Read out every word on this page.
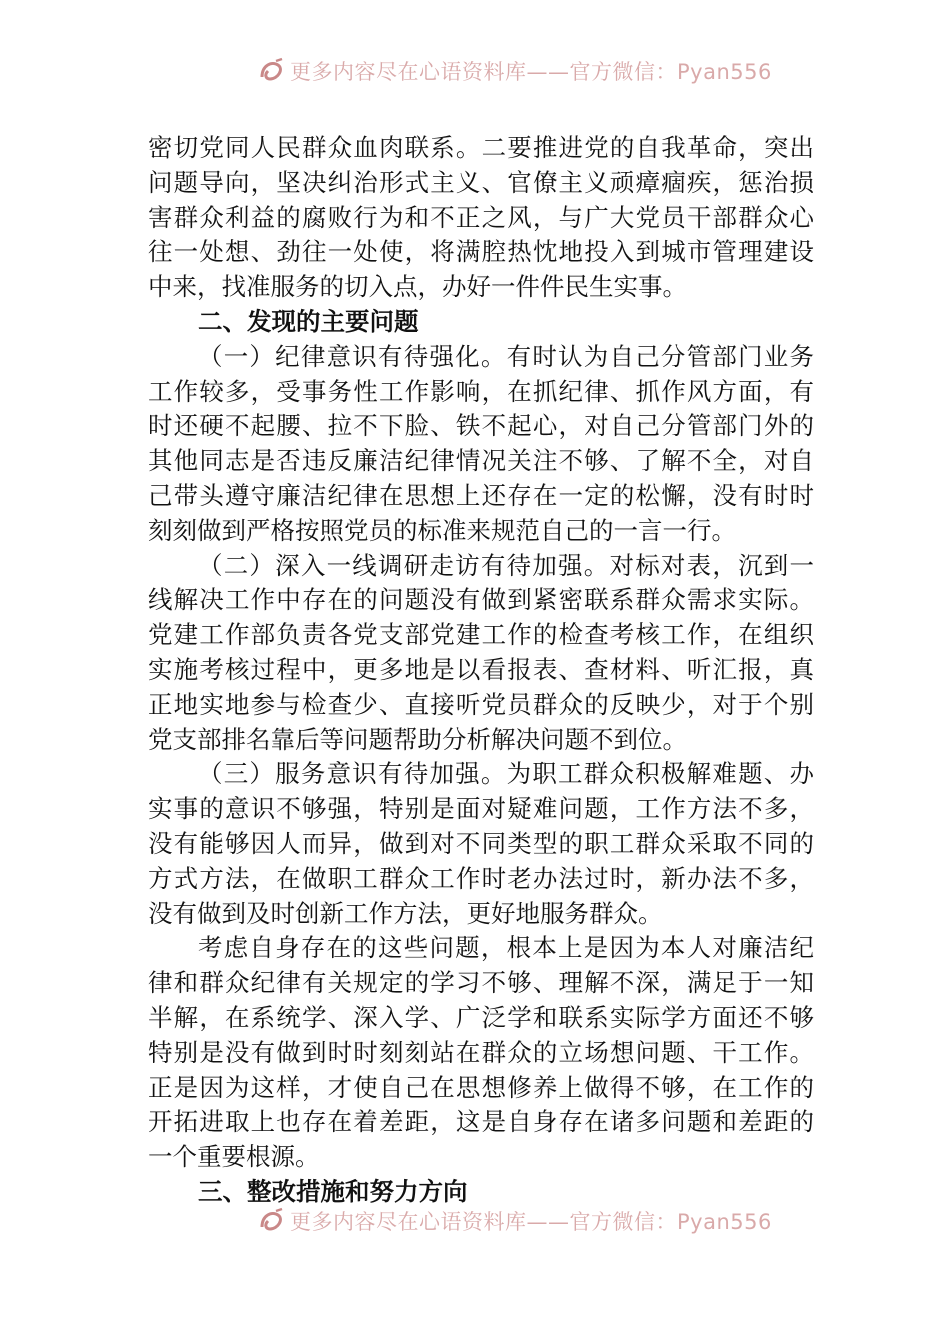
更多内容尽在心语资料库——官方微信：Pyan556
密切党同人民群众血肉联系。二要推进党的自我革命，突出
问题导向，坚决纠治形式主义、官僚主义顽瘴痼疾，惩治损
害群众利益的腐败行为和不正之风，与广大党员干部群众心
往一处想、劲往一处使，将满腔热忱地投入到城市管理建设
中来，找准服务的切入点，办好一件件民生实事。
二、发现的主要问题
（一）纪律意识有待强化。有时认为自己分管部门业务
工作较多，受事务性工作影响，在抓纪律、抓作风方面，有
时还硬不起腰、拉不下脸、铁不起心，对自己分管部门外的
其他同志是否违反廉洁纪律情况关注不够、了解不全，对自
己带头遵守廉洁纪律在思想上还存在一定的松懈，没有时时
刻刻做到严格按照党员的标准来规范自己的一言一行。
（二）深入一线调研走访有待加强。对标对表，沉到一
线解决工作中存在的问题没有做到紧密联系群众需求实际。
党建工作部负责各党支部党建工作的检查考核工作，在组织
实施考核过程中，更多地是以看报表、查材料、听汇报，真
正地实地参与检查少、直接听党员群众的反映少，对于个别
党支部排名靠后等问题帮助分析解决问题不到位。
（三）服务意识有待加强。为职工群众积极解难题、办
实事的意识不够强，特别是面对疑难问题，工作方法不多，
没有能够因人而异，做到对不同类型的职工群众采取不同的
方式方法，在做职工群众工作时老办法过时，新办法不多，
没有做到及时创新工作方法，更好地服务群众。
考虑自身存在的这些问题，根本上是因为本人对廉洁纪
律和群众纪律有关规定的学习不够、理解不深，满足于一知
半解，在系统学、深入学、广泛学和联系实际学方面还不够
特别是没有做到时时刻刻站在群众的立场想问题、干工作。
正是因为这样，才使自己在思想修养上做得不够，在工作的
开拓进取上也存在着差距，这是自身存在诸多问题和差距的
一个重要根源。
三、整改措施和努力方向
更多内容尽在心语资料库——官方微信：Pyan556
